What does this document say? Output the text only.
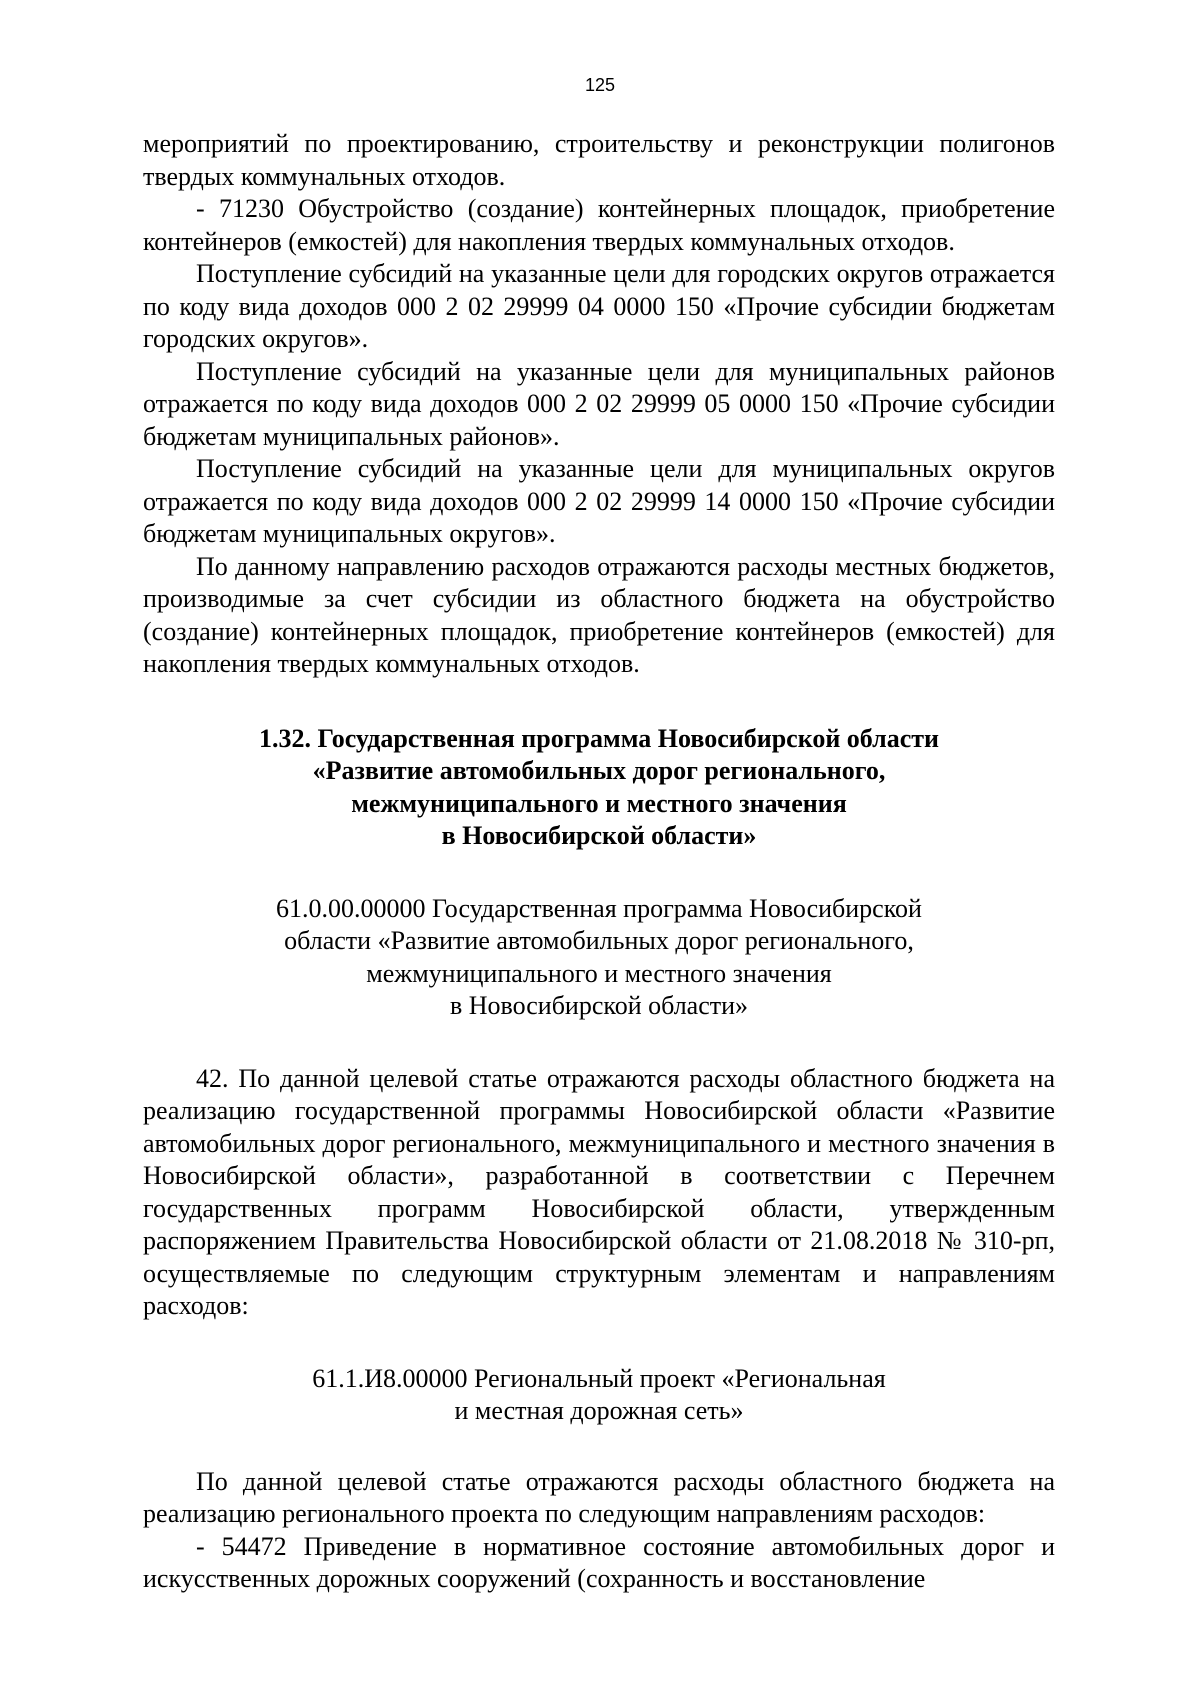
125

мероприятий по проектированию, строительству и реконструкции полигонов твердых коммунальных отходов.

- 71230 Обустройство (создание) контейнерных площадок, приобретение контейнеров (емкостей) для накопления твердых коммунальных отходов.

Поступление субсидий на указанные цели для городских округов отражается по коду вида доходов 000 2 02 29999 04 0000 150 «Прочие субсидии бюджетам городских округов».

Поступление субсидий на указанные цели для муниципальных районов отражается по коду вида доходов 000 2 02 29999 05 0000 150 «Прочие субсидии бюджетам муниципальных районов».

Поступление субсидий на указанные цели для муниципальных округов отражается по коду вида доходов 000 2 02 29999 14 0000 150 «Прочие субсидии бюджетам муниципальных округов».

По данному направлению расходов отражаются расходы местных бюджетов, производимые за счет субсидии из областного бюджета на обустройство (создание) контейнерных площадок, приобретение контейнеров (емкостей) для накопления твердых коммунальных отходов.

1.32. Государственная программа Новосибирской области

«Развитие автомобильных дорог регионального,

межмуниципального и местного значения

в Новосибирской области»

61.0.00.00000 Государственная программа Новосибирской

области «Развитие автомобильных дорог регионального,

межмуниципального и местного значения

в Новосибирской области»

42. По данной целевой статье отражаются расходы областного бюджета на реализацию государственной программы Новосибирской области «Развитие автомобильных дорог регионального, межмуниципального и местного значения в Новосибирской области», разработанной в соответствии с Перечнем государственных программ Новосибирской области, утвержденным распоряжением Правительства Новосибирской области от 21.08.2018 № 310-рп, осуществляемые по следующим структурным элементам и направлениям расходов:

61.1.И8.00000 Региональный проект «Региональная

и местная дорожная сеть»

По данной целевой статье отражаются расходы областного бюджета на реализацию регионального проекта по следующим направлениям расходов:

- 54472 Приведение в нормативное состояние автомобильных дорог и искусственных дорожных сооружений (сохранность и восстановление
